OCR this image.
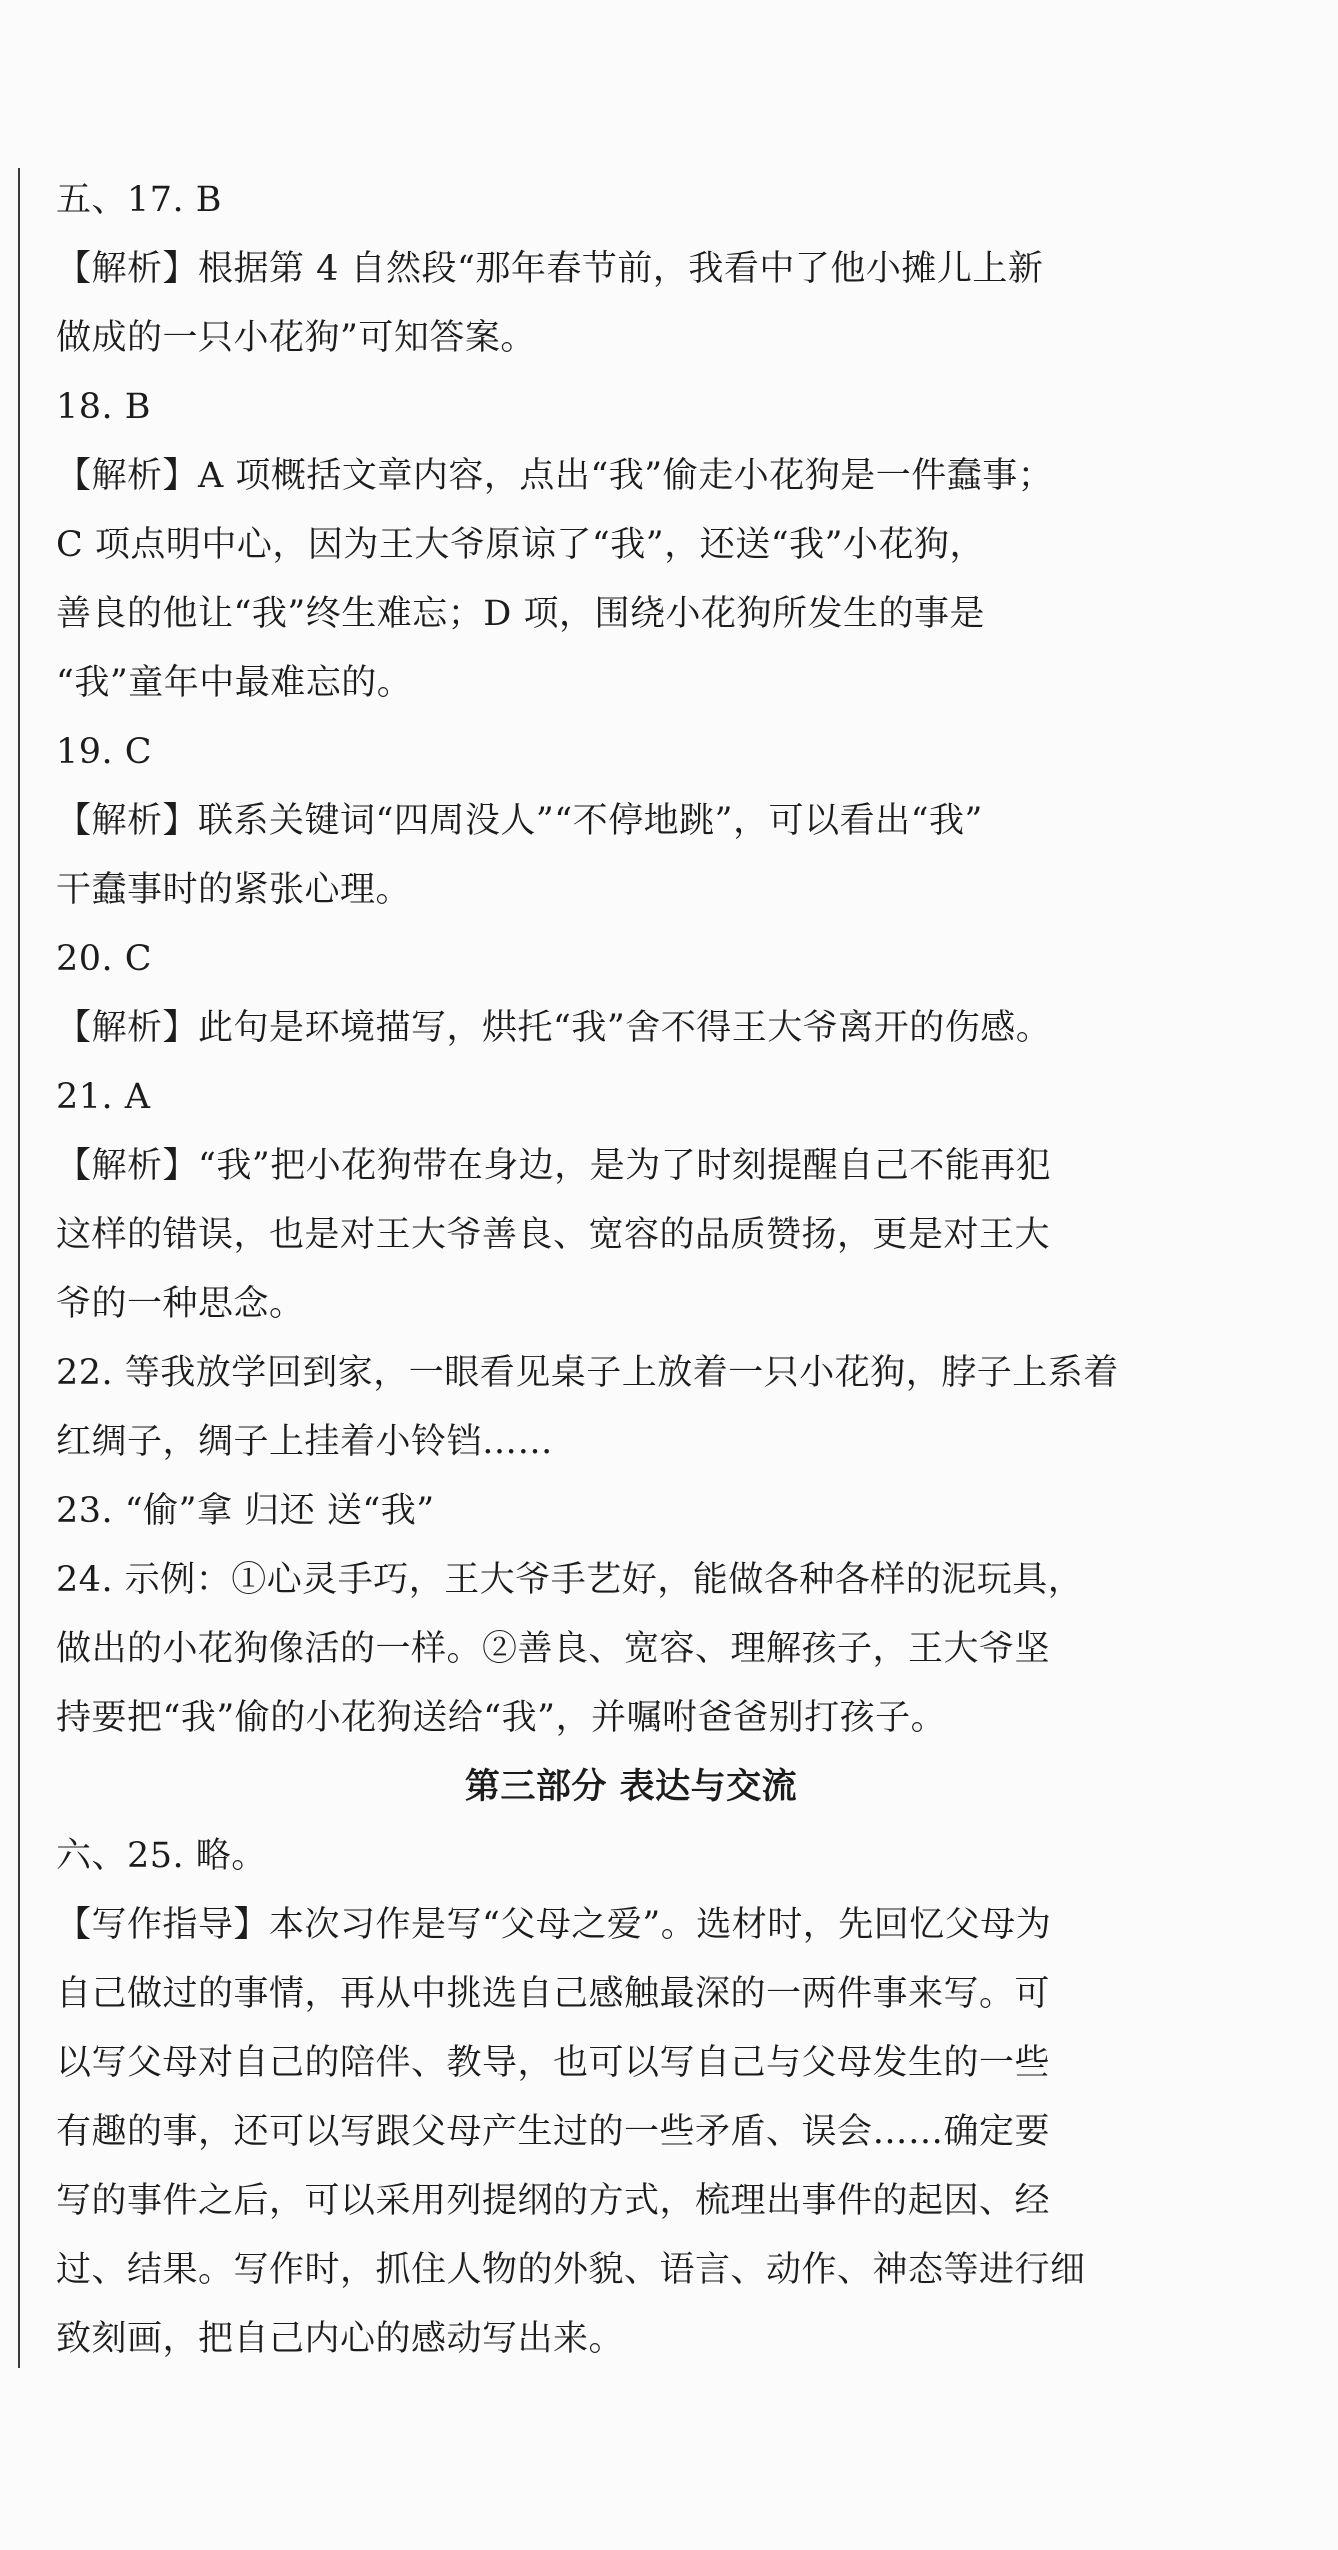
五、17. B
【解析】根据第 4 自然段“那年春节前，我看中了他小摊儿上新
做成的一只小花狗”可知答案。
18. B
【解析】A 项概括文章内容，点出“我”偷走小花狗是一件蠢事；
C 项点明中心，因为王大爷原谅了“我”，还送“我”小花狗，
善良的他让“我”终生难忘；D 项，围绕小花狗所发生的事是
“我”童年中最难忘的。
19. C
【解析】联系关键词“四周没人”“不停地跳”，可以看出“我”
干蠢事时的紧张心理。
20. C
【解析】此句是环境描写，烘托“我”舍不得王大爷离开的伤感。
21. A
【解析】“我”把小花狗带在身边，是为了时刻提醒自己不能再犯
这样的错误，也是对王大爷善良、宽容的品质赞扬，更是对王大
爷的一种思念。
22. 等我放学回到家，一眼看见桌子上放着一只小花狗，脖子上系着
红绸子，绸子上挂着小铃铛……
23. “偷”拿 归还 送“我”
24. 示例：①心灵手巧，王大爷手艺好，能做各种各样的泥玩具，
做出的小花狗像活的一样。②善良、宽容、理解孩子，王大爷坚
持要把“我”偷的小花狗送给“我”，并嘱咐爸爸别打孩子。
第三部分 表达与交流
六、25. 略。
【写作指导】本次习作是写“父母之爱”。选材时，先回忆父母为
自己做过的事情，再从中挑选自己感触最深的一两件事来写。可
以写父母对自己的陪伴、教导，也可以写自己与父母发生的一些
有趣的事，还可以写跟父母产生过的一些矛盾、误会……确定要
写的事件之后，可以采用列提纲的方式，梳理出事件的起因、经
过、结果。写作时，抓住人物的外貌、语言、动作、神态等进行细
致刻画，把自己内心的感动写出来。
